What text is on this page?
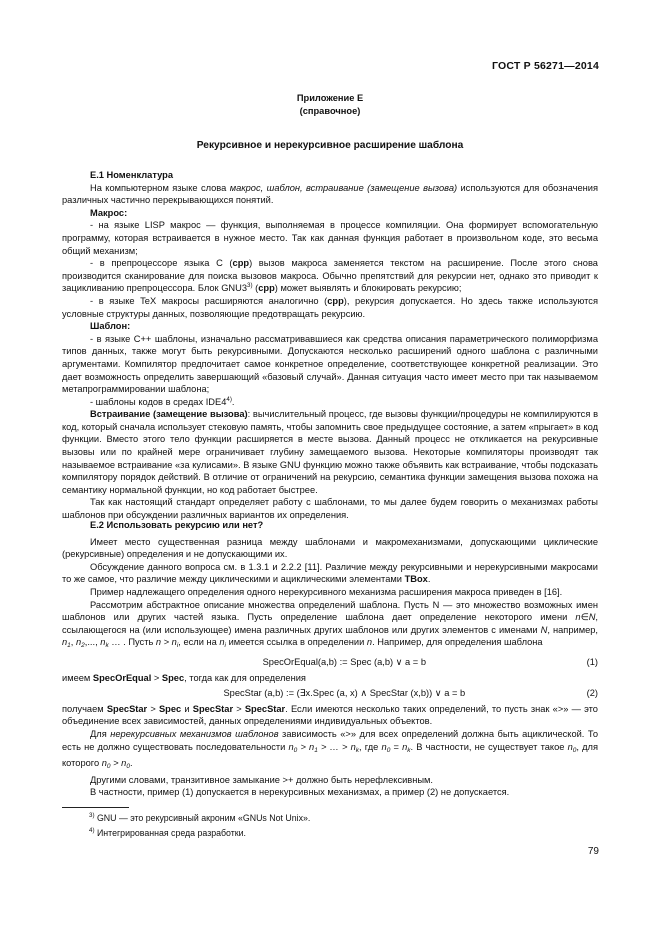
ГОСТ Р 56271—2014

Приложение Е

(справочное)

Рекурсивное и нерекурсивное расширение шаблона

Е.1 Номенклатура

На компьютерном языке слова макрос, шаблон, встраивание (замещение вызова) используются для обозначения различных частично перекрывающихся понятий.

Макрос:

- на языке LISP макрос — функция, выполняемая в процессе компиляции. Она формирует вспомогательную программу, которая встраивается в нужное место. Так как данная функция работает в произвольном коде, это весьма общий механизм;

- в препроцессоре языка С (срр) вызов макроса заменяется текстом на расширение. После этого снова производится сканирование для поиска вызовов макроса. Обычно препятствий для рекурсии нет, однако это приводит к зацикливанию препроцессора. Блок GNU3$^{3)}$ (срр) может выявлять и блокировать рекурсию;

- в языке TeX макросы расширяются аналогично (срр), рекурсия допускается. Но здесь также используются условные структуры данных, позволяющие предотвращать рекурсию.

Шаблон:

- в языке С++ шаблоны, изначально рассматривавшиеся как средства описания параметрического полиморфизма типов данных, также могут быть рекурсивными. Допускаются несколько расширений одного шаблона с различными аргументами. Компилятор предпочитает самое конкретное определение, соответствующее конкретной реализации. Это дает возможность определить завершающий «базовый случай». Данная ситуация часто имеет место при так называемом метапрограммировании шаблона;

- шаблоны кодов в средах IDE4$^{4)}$.

Встраивание (замещение вызова): вычислительный процесс, где вызовы функции/процедуры не компилируются в код, который сначала использует стековую память, чтобы запомнить свое предыдущее состояние, а затем «прыгает» в код функции. Вместо этого тело функции расширяется в месте вызова. Данный процесс не откликается на рекурсивные вызовы или по крайней мере ограничивает глубину замещаемого вызова. Некоторые компиляторы производят так называемое встраивание «за кулисами». В языке GNU функцию можно также объявить как встраивание, чтобы подсказать компилятору порядок действий. В отличие от ограничений на рекурсию, семантика функции замещения вызова похожа на семантику нормальной функции, но код работает быстрее.

Так как настоящий стандарт определяет работу с шаблонами, то мы далее будем говорить о механизмах работы шаблонов при обсуждении различных вариантов их определения.

Е.2 Использовать рекурсию или нет?

Имеет место существенная разница между шаблонами и макромеханизмами, допускающими циклические (рекурсивные) определения и не допускающими их.

Обсуждение данного вопроса см. в 1.3.1 и 2.2.2 [11]. Различие между рекурсивными и нерекурсивными макросами то же самое, что различие между циклическими и ациклическими элементами TBox.

Пример надлежащего определения одного нерекурсивного механизма расширения макроса приведен в [16].

Рассмотрим абстрактное описание множества определений шаблона. Пусть N — это множество возможных имен шаблонов или других частей языка. Пусть определение шаблона дает определение некоторого имени n∈N, ссылающегося на (или использующее) имена различных других шаблонов или других элементов с именами N, например, $n_1$, $n_2$,..., $n_k$ … . Пусть $n > n_i$, если на $n_i$ имеется ссылка в определении n. Например, для определения шаблона

SpecOrEqual(a,b) := Spec (a,b) ∨ a = b	(1)

имеем SpecOrEqual > Spec, тогда как для определения

SpecStar (a,b) := (∃x.Spec (a, x) ∧ SpecStar (x,b)) ∨ a = b	(2)

получаем SpecStar > Spec и SpecStar > SpecStar. Если имеются несколько таких определений, то пусть знак «>» — это объединение всех зависимостей, данных определениями индивидуальных объектов.

Для нерекурсивных механизмов шаблонов зависимость «>» для всех определений должна быть ациклической. То есть не должно существовать последовательности $n_0 > n_1$ > … > $n_k$, где $n_0 = n_k$. В частности, не существует такое $n_0$, для которого $n_0 > n_0$.

Другими словами, транзитивное замыкание >+ должно быть нерефлексивным.

В частности, пример (1) допускается в нерекурсивных механизмах, а пример (2) не допускается.

$^{3)}$ GNU — это рекурсивный акроним «GNUs Not Unix».
$^{4)}$ Интегрированная среда разработки.
79
